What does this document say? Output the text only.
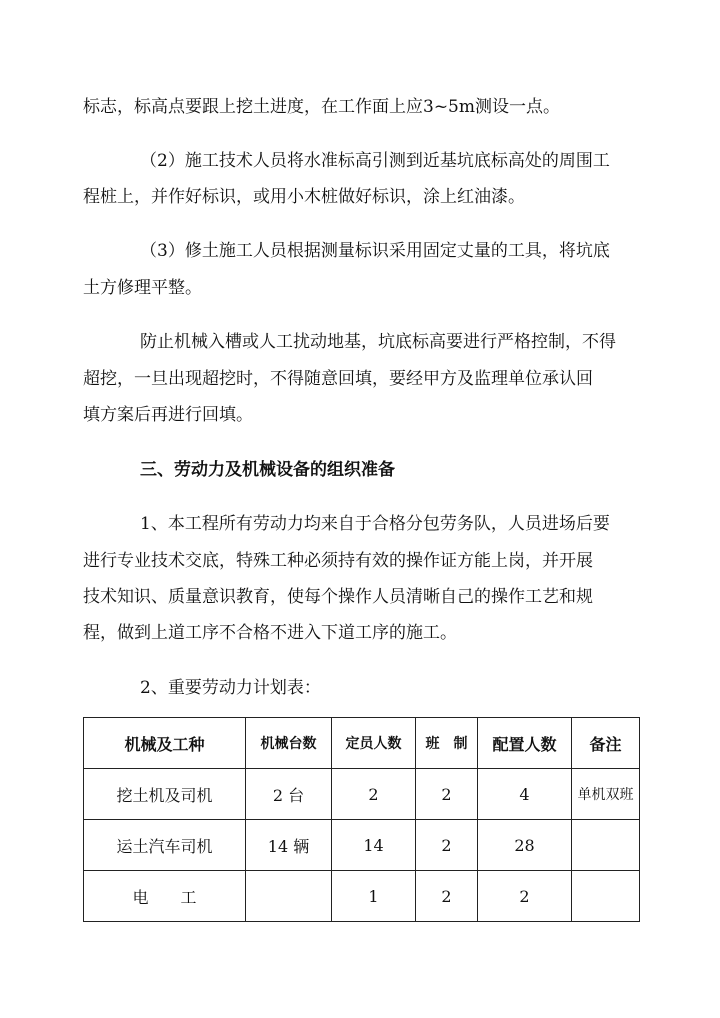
标志，标高点要跟上挖土进度，在工作面上应3~5m测设一点。
（2）施工技术人员将水准标高引测到近基坑底标高处的周围工
程桩上，并作好标识，或用小木桩做好标识，涂上红油漆。
（3）修土施工人员根据测量标识采用固定丈量的工具，将坑底
土方修理平整。
防止机械入槽或人工扰动地基，坑底标高要进行严格控制，不得
超挖，一旦出现超挖时，不得随意回填，要经甲方及监理单位承认回
填方案后再进行回填。
三、劳动力及机械设备的组织准备
1、本工程所有劳动力均来自于合格分包劳务队，人员进场后要
进行专业技术交底，特殊工种必须持有效的操作证方能上岗，并开展
技术知识、质量意识教育，使每个操作人员清晰自己的操作工艺和规
程，做到上道工序不合格不进入下道工序的施工。
2、重要劳动力计划表：
机械及工种	机械台数	定员人数	班　制	配置人数	备注
挖土机及司机	2 台	2	2	4	单机双班
运土汽车司机	14 辆	14	2	28	
电　　工		1	2	2	
